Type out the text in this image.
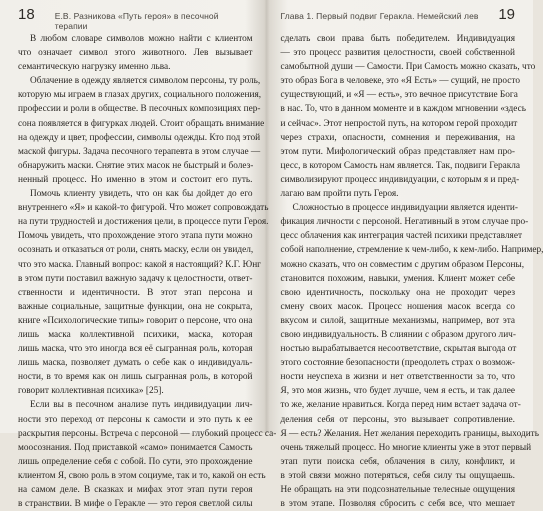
18 Е.В. Разникова «Путь героя» в песочной терапии
В любом словаре символов можно найти с клиентом
что означает символ этого животного. Лев вызывает
семантическую нагрузку именно льва.
Облачение в одежду является символом персоны, ту роль,
которую мы играем в глазах других, социального положения,
профессии и роли в обществе. В песочных композициях пер-
сона появляется в фигурках людей. Стоит обращать внимание
на одежду и цвет, профессии, символы одежды. Кто под этой
маской фигуры. Задача песочного терапевта в этом случае —
обнаружить маски. Снятие этих масок не быстрый и болез-
ненный процесс. Но именно в этом и состоит его путь.
Помочь клиенту увидеть, что он как бы дойдет до его
внутреннего «Я» и какой-то фигурой. Что может сопровождать
на пути трудностей и достижения цели, в процессе пути Героя.
Помочь увидеть, что прохождение этого этапа пути можно
осознать и отказаться от роли, снять маску, если он увидел,
что это маска. Главный вопрос: какой я настоящий? К.Г. Юнг
в этом пути поставил важную задачу к целостности, ответ-
ственности и идентичности. В этот этап персона и
важные социальные, защитные функции, она не сокрыта,
книге «Психологические типы» говорит о персоне, что она
лишь маска коллективной психики, маска, которая
лишь маска, что это иногда вся её сыгранная роль, которая
лишь маска, позволяет думать о себе как о индивидуаль-
ности, в то время как он лишь сыгранная роль, в которой
говорит коллективная психика» [25].
Если вы в песочном анализе путь индивидуации лич-
ности это переход от персоны к самости и это путь к ее
раскрытия персоны. Встреча с персоной — глубокий процесс са-
моосознания. Под приставкой «само» понимается Самость
лишь определение себя с собой. По сути, это прохождение
клиентом Я, свою роль в этом социуме, так и то, какой он есть
на самом деле. В сказках и мифах этот этап пути героя
в странствии. В мифе о Геракле — это героя светлой силы
Глава 1. Первый подвиг Геракла. Немейский лев 19
сделать свои права быть победителем. Индивидуация
— это процесс развития целостности, своей собственной
самобытной души — Самости. При Самость можно сказать, что
это образ Бога в человеке, это «Я Есть» — сущий, не просто
существующий, и «Я — есть», это вечное присутствие Бога
в нас. То, что в данном моменте и в каждом мгновении «здесь
и сейчас». Этот непростой путь, на котором герой проходит
через страхи, опасности, сомнения и переживания, на
этом пути. Мифологический образ представляет нам про-
цесс, в котором Самость нам является. Так, подвиги Геракла
символизируют процесс индивидуации, с которым я и пред-
лагаю вам пройти путь Героя.
Сложностью в процессе индивидуации является иденти-
фикация личности с персоной. Негативный в этом случае про-
цесс облачения как интеграция частей психики представляет
собой наполнение, стремление к чем-либо, к кем-либо. Например,
можно сказать, что он совместим с другим образом Персоны,
становится похожим, навыки, умения. Клиент может себе
свою идентичность, поскольку она не проходит через
смену своих масок. Процесс ношения масок всегда со
вкусом и силой, защитные механизмы, например, вот эта
свою индивидуальность. В слиянии с образом другого лич-
ностью вырабатывается несоответствие, скрытая выгода от
этого состояние безопасности (преодолеть страх о возмож-
ности неуспеха в жизни и нет ответственности за то, что
Я, это моя жизнь, что будет лучше, чем я есть, и так далее
то же, желание нравиться. Когда перед ним встает задача от-
деления себя от персоны, это вызывает сопротивление.
Я — есть? Желания. Нет желания переходить границы, выходить
очень тяжелый процесс. Но многие клиенты уже в этот первый
этап пути поиска себя, облачения в силу, конфликт, и
в этой связи можно потеряться, себя силу ты ощущаешь.
Не обращать на эти подсознательные телесные ощущения
в этом этапе. Позволяя сбросить с себя все, что мешает
